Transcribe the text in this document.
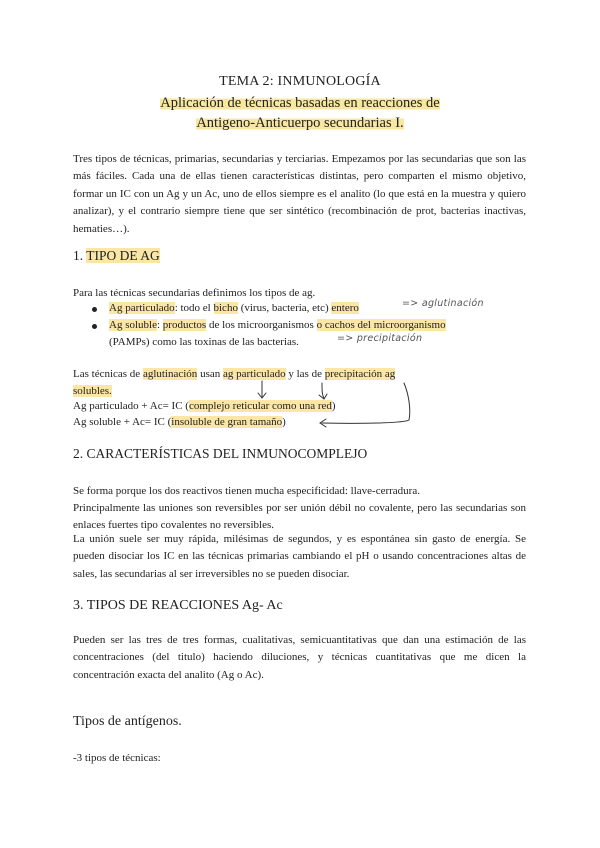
TEMA 2: INMUNOLOGÍA
Aplicación de técnicas basadas en reacciones de
Antigeno-Anticuerpo secundarias I.
Tres tipos de técnicas, primarias, secundarias y terciarias. Empezamos por las secundarias que son las más fáciles. Cada una de ellas tienen características distintas, pero comparten el mismo objetivo, formar un IC con un Ag y un Ac, uno de ellos siempre es el analito (lo que está en la muestra y quiero analizar), y el contrario siempre tiene que ser sintético (recombinación de prot, bacterias inactivas, hematies…).
1. TIPO DE AG
Para las técnicas secundarias definimos los tipos de ag.
Ag particulado: todo el bicho (virus, bacteria, etc) entero	=> aglutinación
Ag soluble: productos de los microorganismos o cachos del microorganismo
(PAMPs) como las toxinas de las bacterias.	=> precipitación
Las técnicas de aglutinación usan ag particulado y las de precipitación ag
solubles.
Ag particulado + Ac= IC (complejo reticular como una red)
Ag soluble + Ac= IC (insoluble de gran tamaño)
2. CARACTERÍSTICAS DEL INMUNOCOMPLEJO
Se forma porque los dos reactivos tienen mucha especificidad: llave-cerradura.
Principalmente las uniones son reversibles por ser unión débil no covalente, pero las secundarias son enlaces fuertes tipo covalentes no reversibles.
La unión suele ser muy rápida, milésimas de segundos, y es espontánea sin gasto de energía. Se pueden disociar los IC en las técnicas primarias cambiando el pH o usando concentraciones altas de sales, las secundarias al ser irreversibles no se pueden disociar.
3. TIPOS DE REACCIONES Ag- Ac
Pueden ser las tres de tres formas, cualitativas, semicuantitativas que dan una estimación de las concentraciones (del titulo) haciendo diluciones, y técnicas cuantitativas que me dicen la concentración exacta del analito (Ag o Ac).
Tipos de antígenos.
-3 tipos de técnicas:
